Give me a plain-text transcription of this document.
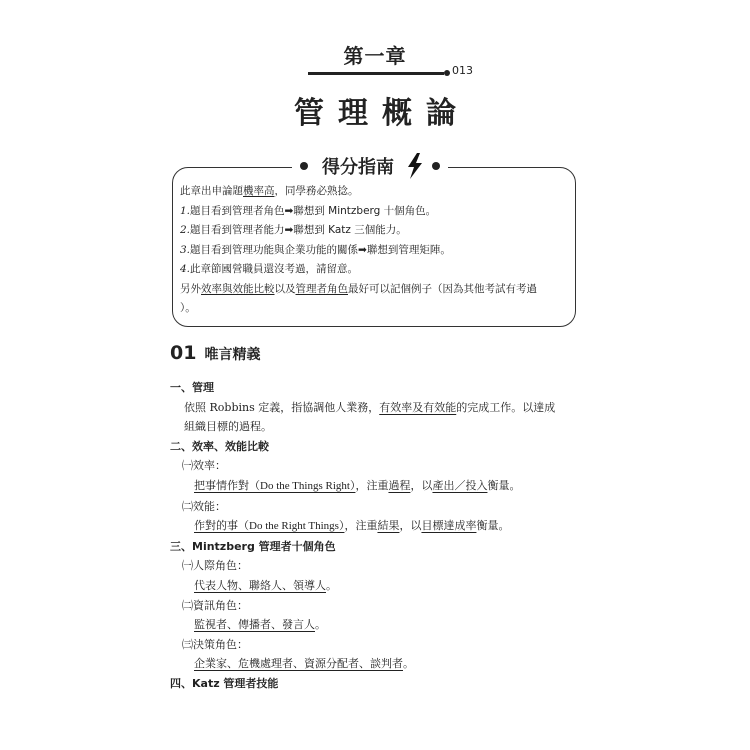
第一章
013
管理概論
得分指南
此章出申論題機率高，同學務必熟捻。
1.題目看到管理者角色➡聯想到 Mintzberg 十個角色。
2.題目看到管理者能力➡聯想到 Katz 三個能力。
3.題目看到管理功能與企業功能的關係➡聯想到管理矩陣。
4.此章節國營職員還沒考過，請留意。
另外效率與效能比較以及管理者角色最好可以記個例子（因為其他考試有考過
）。
01 唯言精義
一、管理
依照 Robbins 定義，指協調他人業務，有效率及有效能的完成工作。以達成
組織目標的過程。
二、效率、效能比較
㈠效率：
把事情作對（Do the Things Right），注重過程，以產出／投入衡量。
㈡效能：
作對的事（Do the Right Things），注重結果，以目標達成率衡量。
三、Mintzberg 管理者十個角色
㈠人際角色：
代表人物、聯絡人、領導人。
㈡資訊角色：
監視者、傳播者、發言人。
㈢決策角色：
企業家、危機處理者、資源分配者、談判者。
四、Katz 管理者技能
